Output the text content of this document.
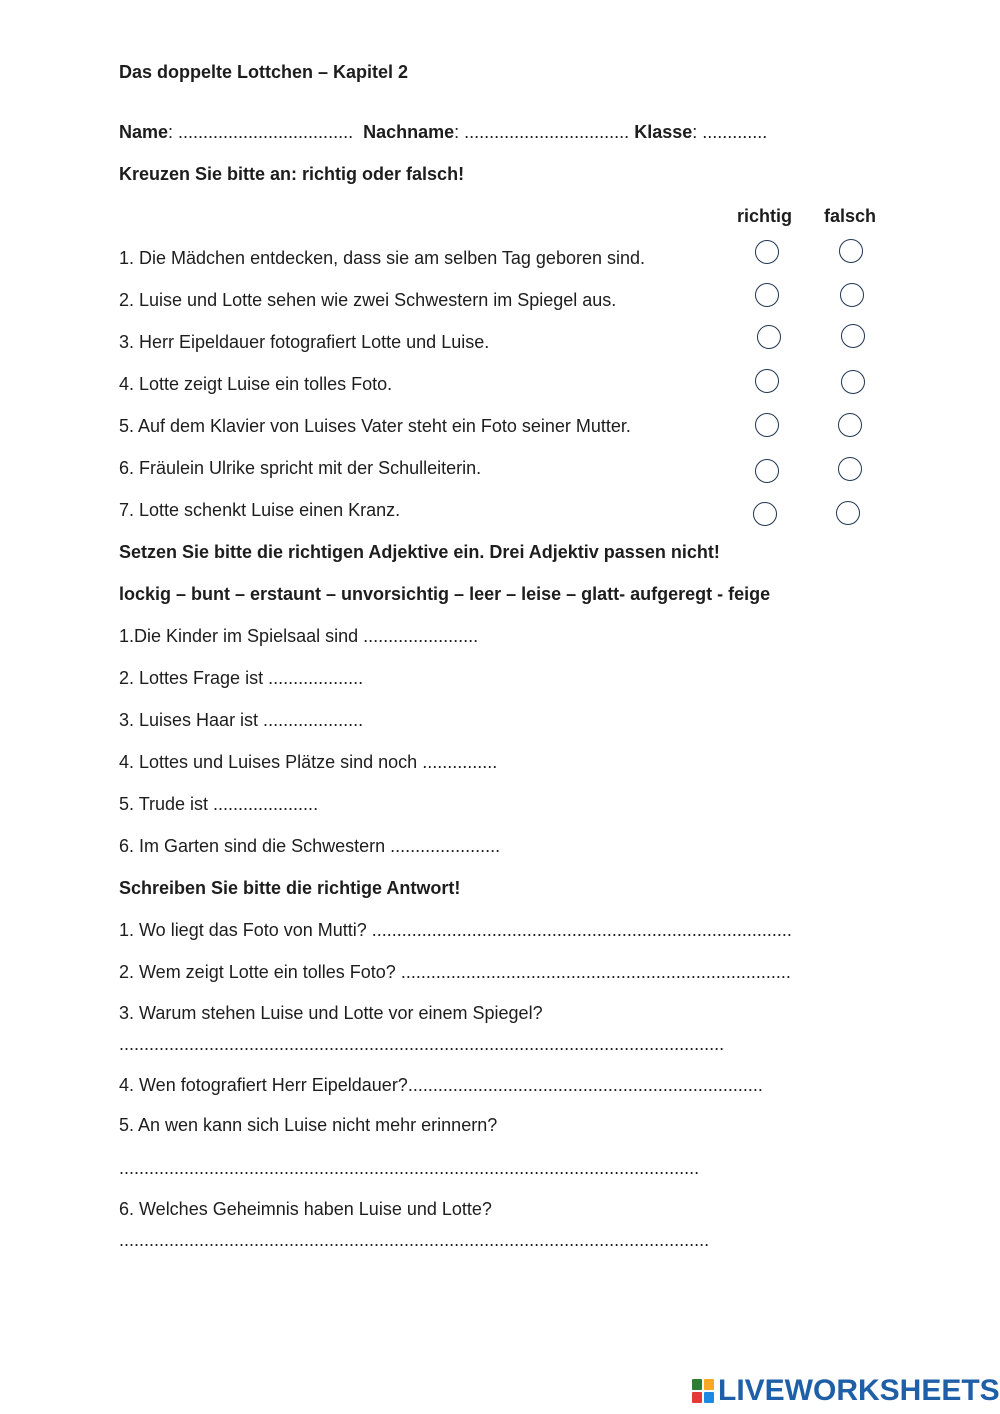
Das doppelte Lottchen – Kapitel 2
Name: ................................... Nachname: ................................. Klasse: .............
Kreuzen Sie bitte an: richtig oder falsch!
richtig falsch
1. Die Mädchen entdecken, dass sie am selben Tag geboren sind.
2. Luise und Lotte sehen wie zwei Schwestern im Spiegel aus.
3. Herr Eipeldauer fotografiert Lotte und Luise.
4. Lotte zeigt Luise ein tolles Foto.
5. Auf dem Klavier von Luises Vater steht ein Foto seiner Mutter.
6. Fräulein Ulrike spricht mit der Schulleiterin.
7. Lotte schenkt Luise einen Kranz.
Setzen Sie bitte die richtigen Adjektive ein. Drei Adjektiv passen nicht!
lockig – bunt – erstaunt – unvorsichtig – leer – leise – glatt- aufgeregt - feige
1.Die Kinder im Spielsaal sind .......................
2. Lottes Frage ist ...................
3. Luises Haar ist ....................
4. Lottes und Luises Plätze sind noch ...............
5. Trude ist .....................
6. Im Garten sind die Schwestern ......................
Schreiben Sie bitte die richtige Antwort!
1. Wo liegt das Foto von Mutti? ....................................................................................
2. Wem zeigt Lotte ein tolles Foto? ..............................................................................
3. Warum stehen Luise und Lotte vor einem Spiegel?
.........................................................................................................................
4. Wen fotografiert Herr Eipeldauer?.......................................................................
5. An wen kann sich Luise nicht mehr erinnern?
....................................................................................................................
6. Welches Geheimnis haben Luise und Lotte?
......................................................................................................................
LIVEWORKSHEETS
